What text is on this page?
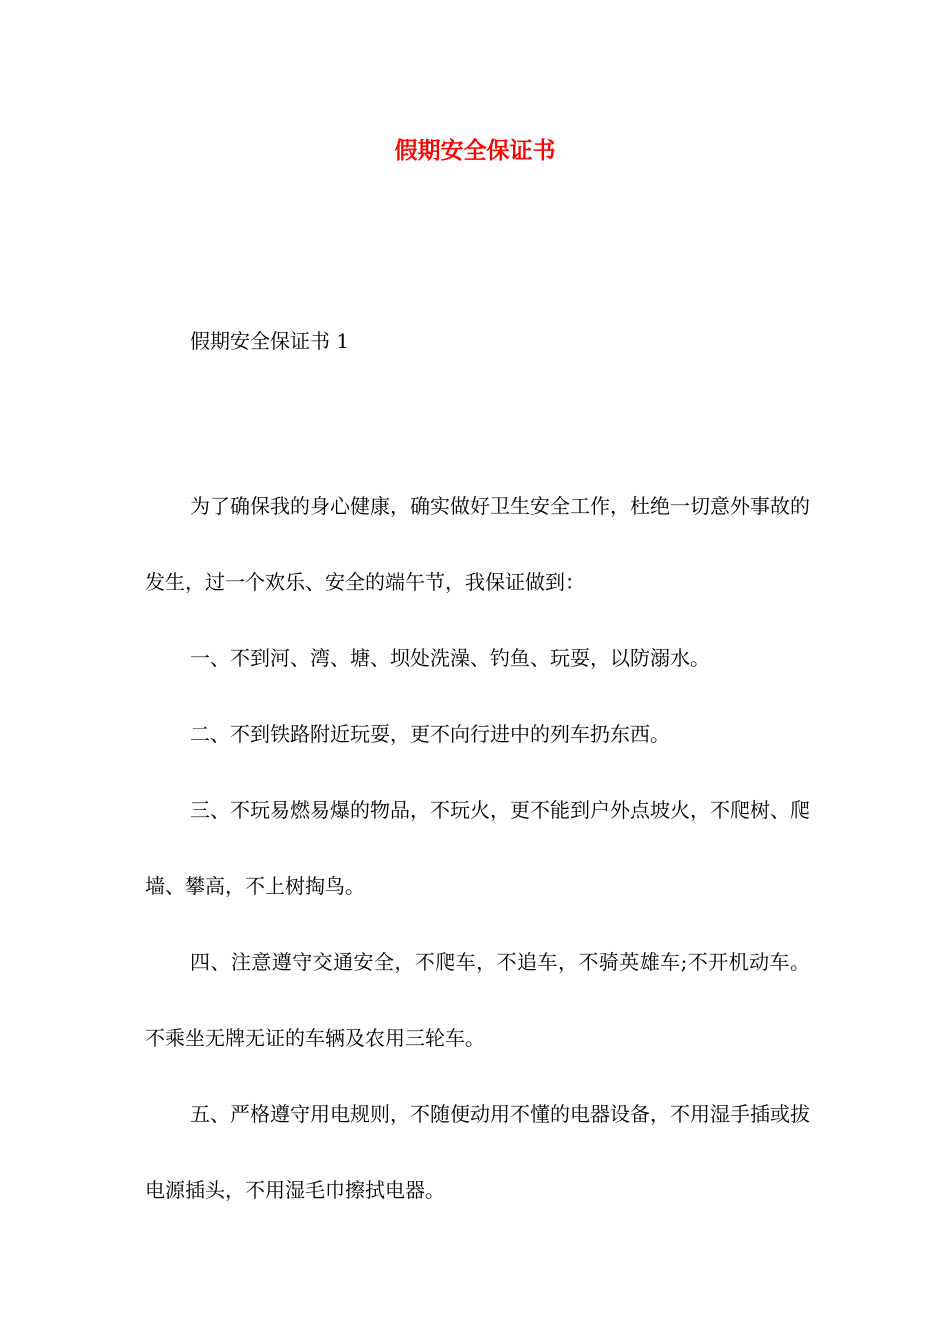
假期安全保证书

假期安全保证书 1

为了确保我的身心健康，确实做好卫生安全工作，杜绝一切意外事故的发生，过一个欢乐、安全的端午节，我保证做到：

一、不到河、湾、塘、坝处洗澡、钓鱼、玩耍，以防溺水。

二、不到铁路附近玩耍，更不向行进中的列车扔东西。

三、不玩易燃易爆的物品，不玩火，更不能到户外点坡火，不爬树、爬墙、攀高，不上树掏鸟。

四、注意遵守交通安全，不爬车，不追车，不骑英雄车;不开机动车。不乘坐无牌无证的车辆及农用三轮车。

五、严格遵守用电规则，不随便动用不懂的电器设备，不用湿手插或拔电源插头，不用湿毛巾擦拭电器。
